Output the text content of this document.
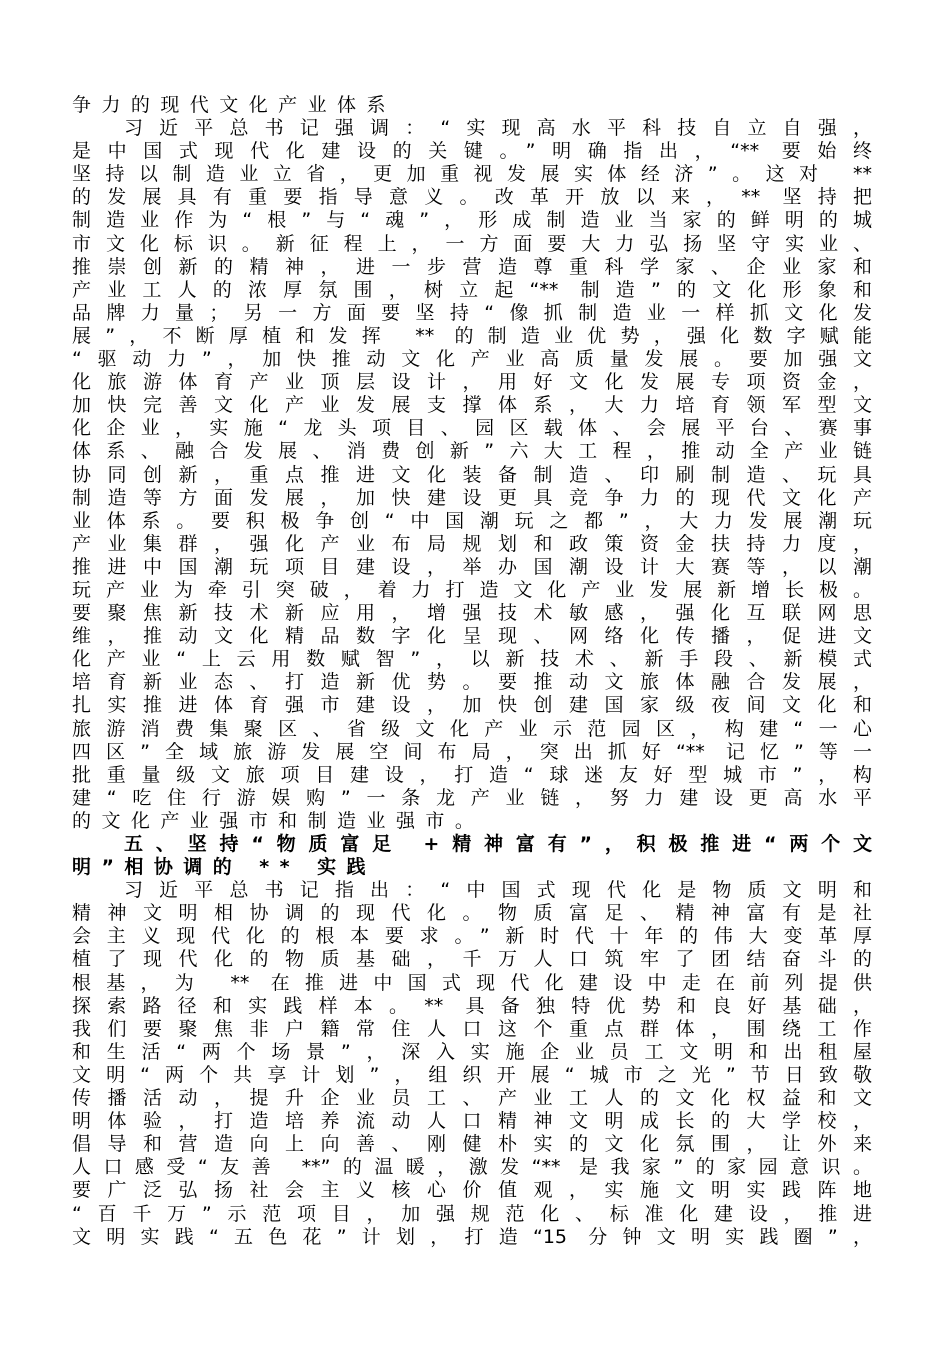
争力的现代文化产业体系
习近平总书记强调：“实现高水平科技自立自强，
是中国式现代化建设的关键。”明确指出，“** 要始终
坚持以制造业立省，更加重视发展实体经济”。这对 **
的发展具有重要指导意义。改革开放以来，** 坚持把
制造业作为“根”与“魂”，形成制造业当家的鲜明的城
市文化标识。新征程上，一方面要大力弘扬坚守实业、
推崇创新的精神，进一步营造尊重科学家、企业家和
产业工人的浓厚氛围，树立起“** 制造”的文化形象和
品牌力量；另一方面要坚持“像抓制造业一样抓文化发
展”，不断厚植和发挥 ** 的制造业优势，强化数字赋能
“驱动力”，加快推动文化产业高质量发展。要加强文
化旅游体育产业顶层设计，用好文化发展专项资金，
加快完善文化产业发展支撑体系，大力培育领军型文
化企业，实施“龙头项目、园区载体、会展平台、赛事
体系、融合发展、消费创新”六大工程，推动全产业链
协同创新，重点推进文化装备制造、印刷制造、玩具
制造等方面发展，加快建设更具竞争力的现代文化产
业体系。要积极争创“中国潮玩之都”，大力发展潮玩
产业集群，强化产业布局规划和政策资金扶持力度，
推进中国潮玩项目建设，举办国潮设计大赛等，以潮
玩产业为牵引突破，着力打造文化产业发展新增长极。
要聚焦新技术新应用，增强技术敏感，强化互联网思
维，推动文化精品数字化呈现、网络化传播，促进文
化产业“上云用数赋智”，以新技术、新手段、新模式
培育新业态、打造新优势。要推动文旅体融合发展，
扎实推进体育强市建设，加快创建国家级夜间文化和
旅游消费集聚区、省级文化产业示范园区，构建“一心
四区”全域旅游发展空间布局，突出抓好“** 记忆”等一
批重量级文旅项目建设，打造“球迷友好型城市”，构
建“吃住行游娱购”一条龙产业链，努力建设更高水平
的文化产业强市和制造业强市。
五、坚持“物质富足 +精神富有”，积极推进“两个文
明”相协调的 ** 实践
习近平总书记指出：“中国式现代化是物质文明和
精神文明相协调的现代化。物质富足、精神富有是社
会主义现代化的根本要求。”新时代十年的伟大变革厚
植了现代化的物质基础，千万人口筑牢了团结奋斗的
根基，为 ** 在推进中国式现代化建设中走在前列提供
探索路径和实践样本。** 具备独特优势和良好基础，
我们要聚焦非户籍常住人口这个重点群体，围绕工作
和生活“两个场景”，深入实施企业员工文明和出租屋
文明“两个共享计划”，组织开展“城市之光”节日致敬
传播活动，提升企业员工、产业工人的文化权益和文
明体验，打造培养流动人口精神文明成长的大学校，
倡导和营造向上向善、刚健朴实的文化氛围，让外来
人口感受“友善 **”的温暖，激发“** 是我家”的家园意识。
要广泛弘扬社会主义核心价值观，实施文明实践阵地
“百千万”示范项目，加强规范化、标准化建设，推进
文明实践“五色花”计划，打造“15 分钟文明实践圈”，
